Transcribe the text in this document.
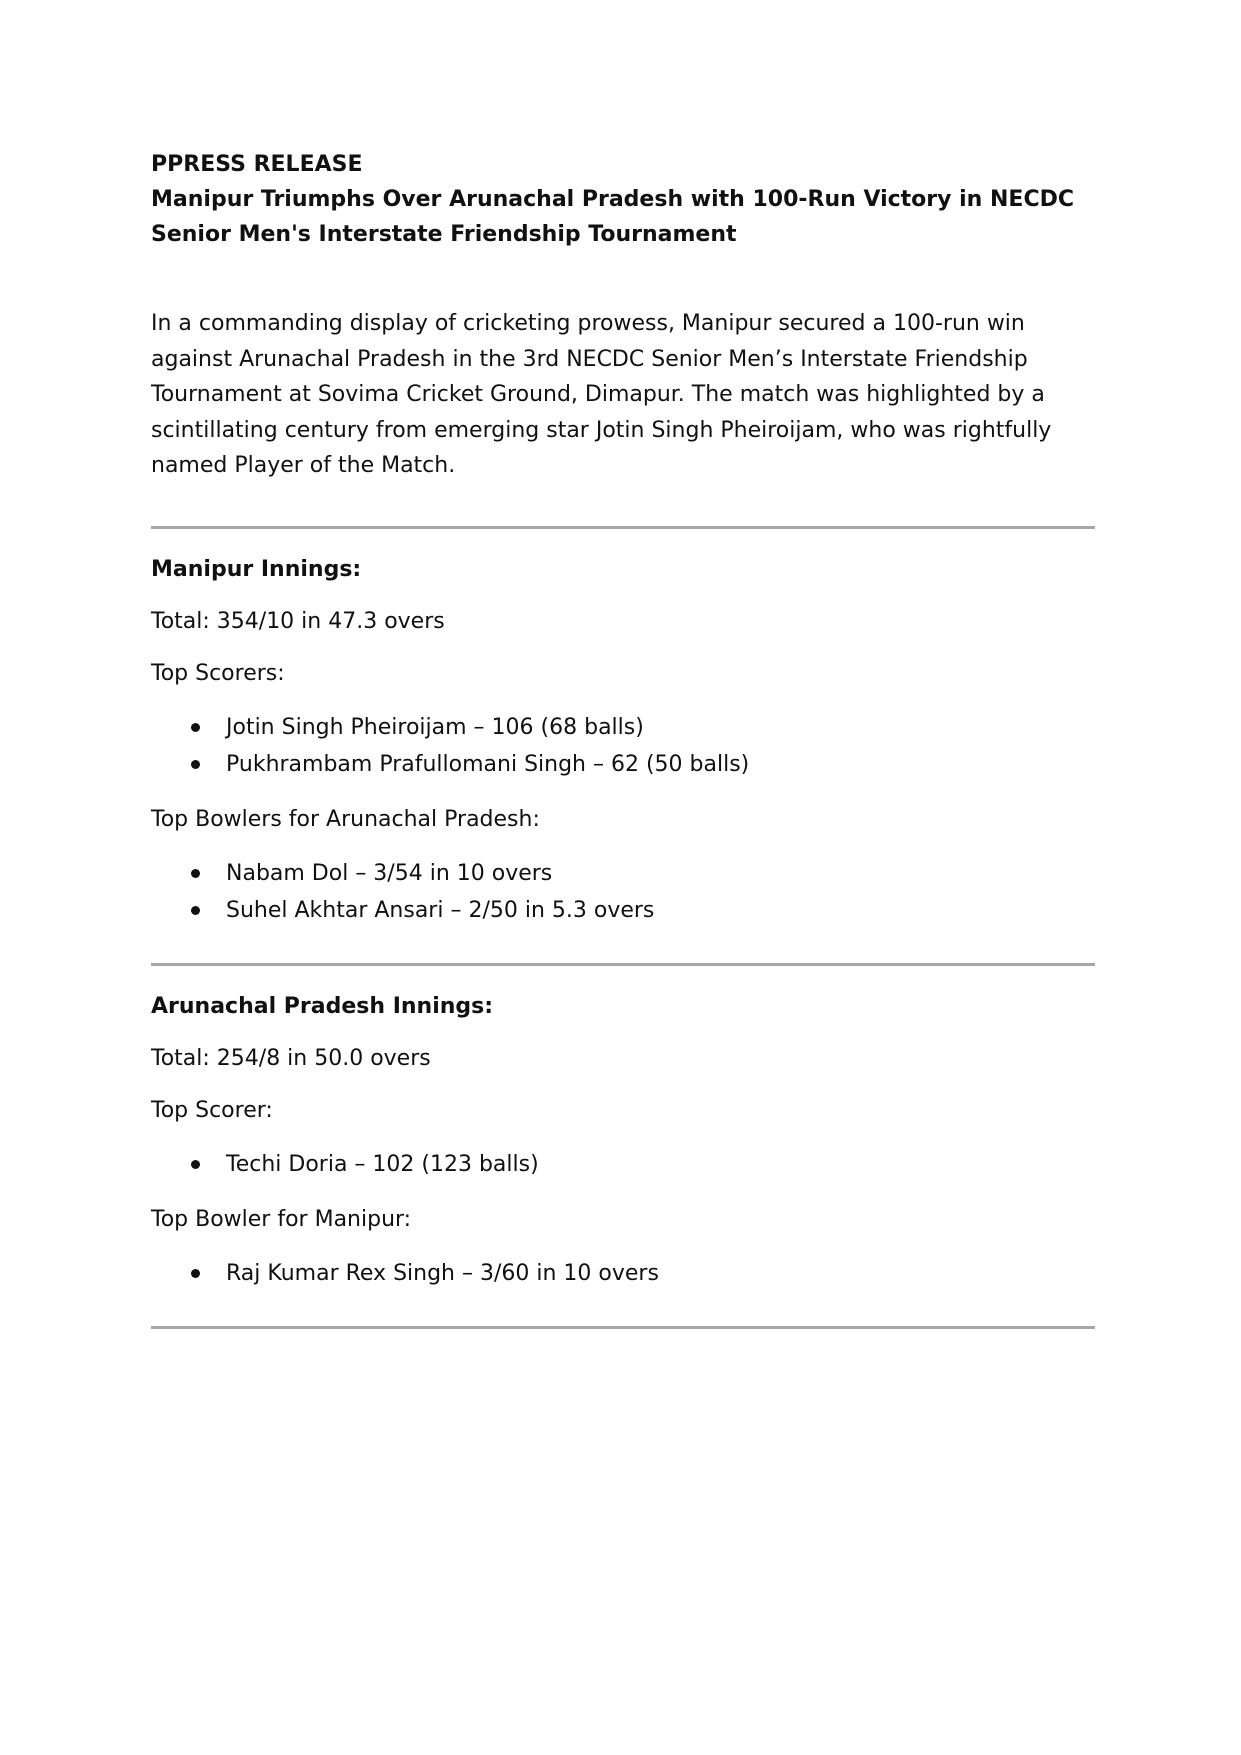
PPRESS RELEASE

Manipur Triumphs Over Arunachal Pradesh with 100-Run Victory in NECDC Senior Men's Interstate Friendship Tournament

In a commanding display of cricketing prowess, Manipur secured a 100-run win against Arunachal Pradesh in the 3rd NECDC Senior Men’s Interstate Friendship Tournament at Sovima Cricket Ground, Dimapur. The match was highlighted by a scintillating century from emerging star Jotin Singh Pheiroijam, who was rightfully named Player of the Match.

Manipur Innings:

Total: 354/10 in 47.3 overs

Top Scorers:

Jotin Singh Pheiroijam – 106 (68 balls)
Pukhrambam Prafullomani Singh – 62 (50 balls)

Top Bowlers for Arunachal Pradesh:

Nabam Dol – 3/54 in 10 overs
Suhel Akhtar Ansari – 2/50 in 5.3 overs

Arunachal Pradesh Innings:

Total: 254/8 in 50.0 overs

Top Scorer:

Techi Doria – 102 (123 balls)

Top Bowler for Manipur:

Raj Kumar Rex Singh – 3/60 in 10 overs
